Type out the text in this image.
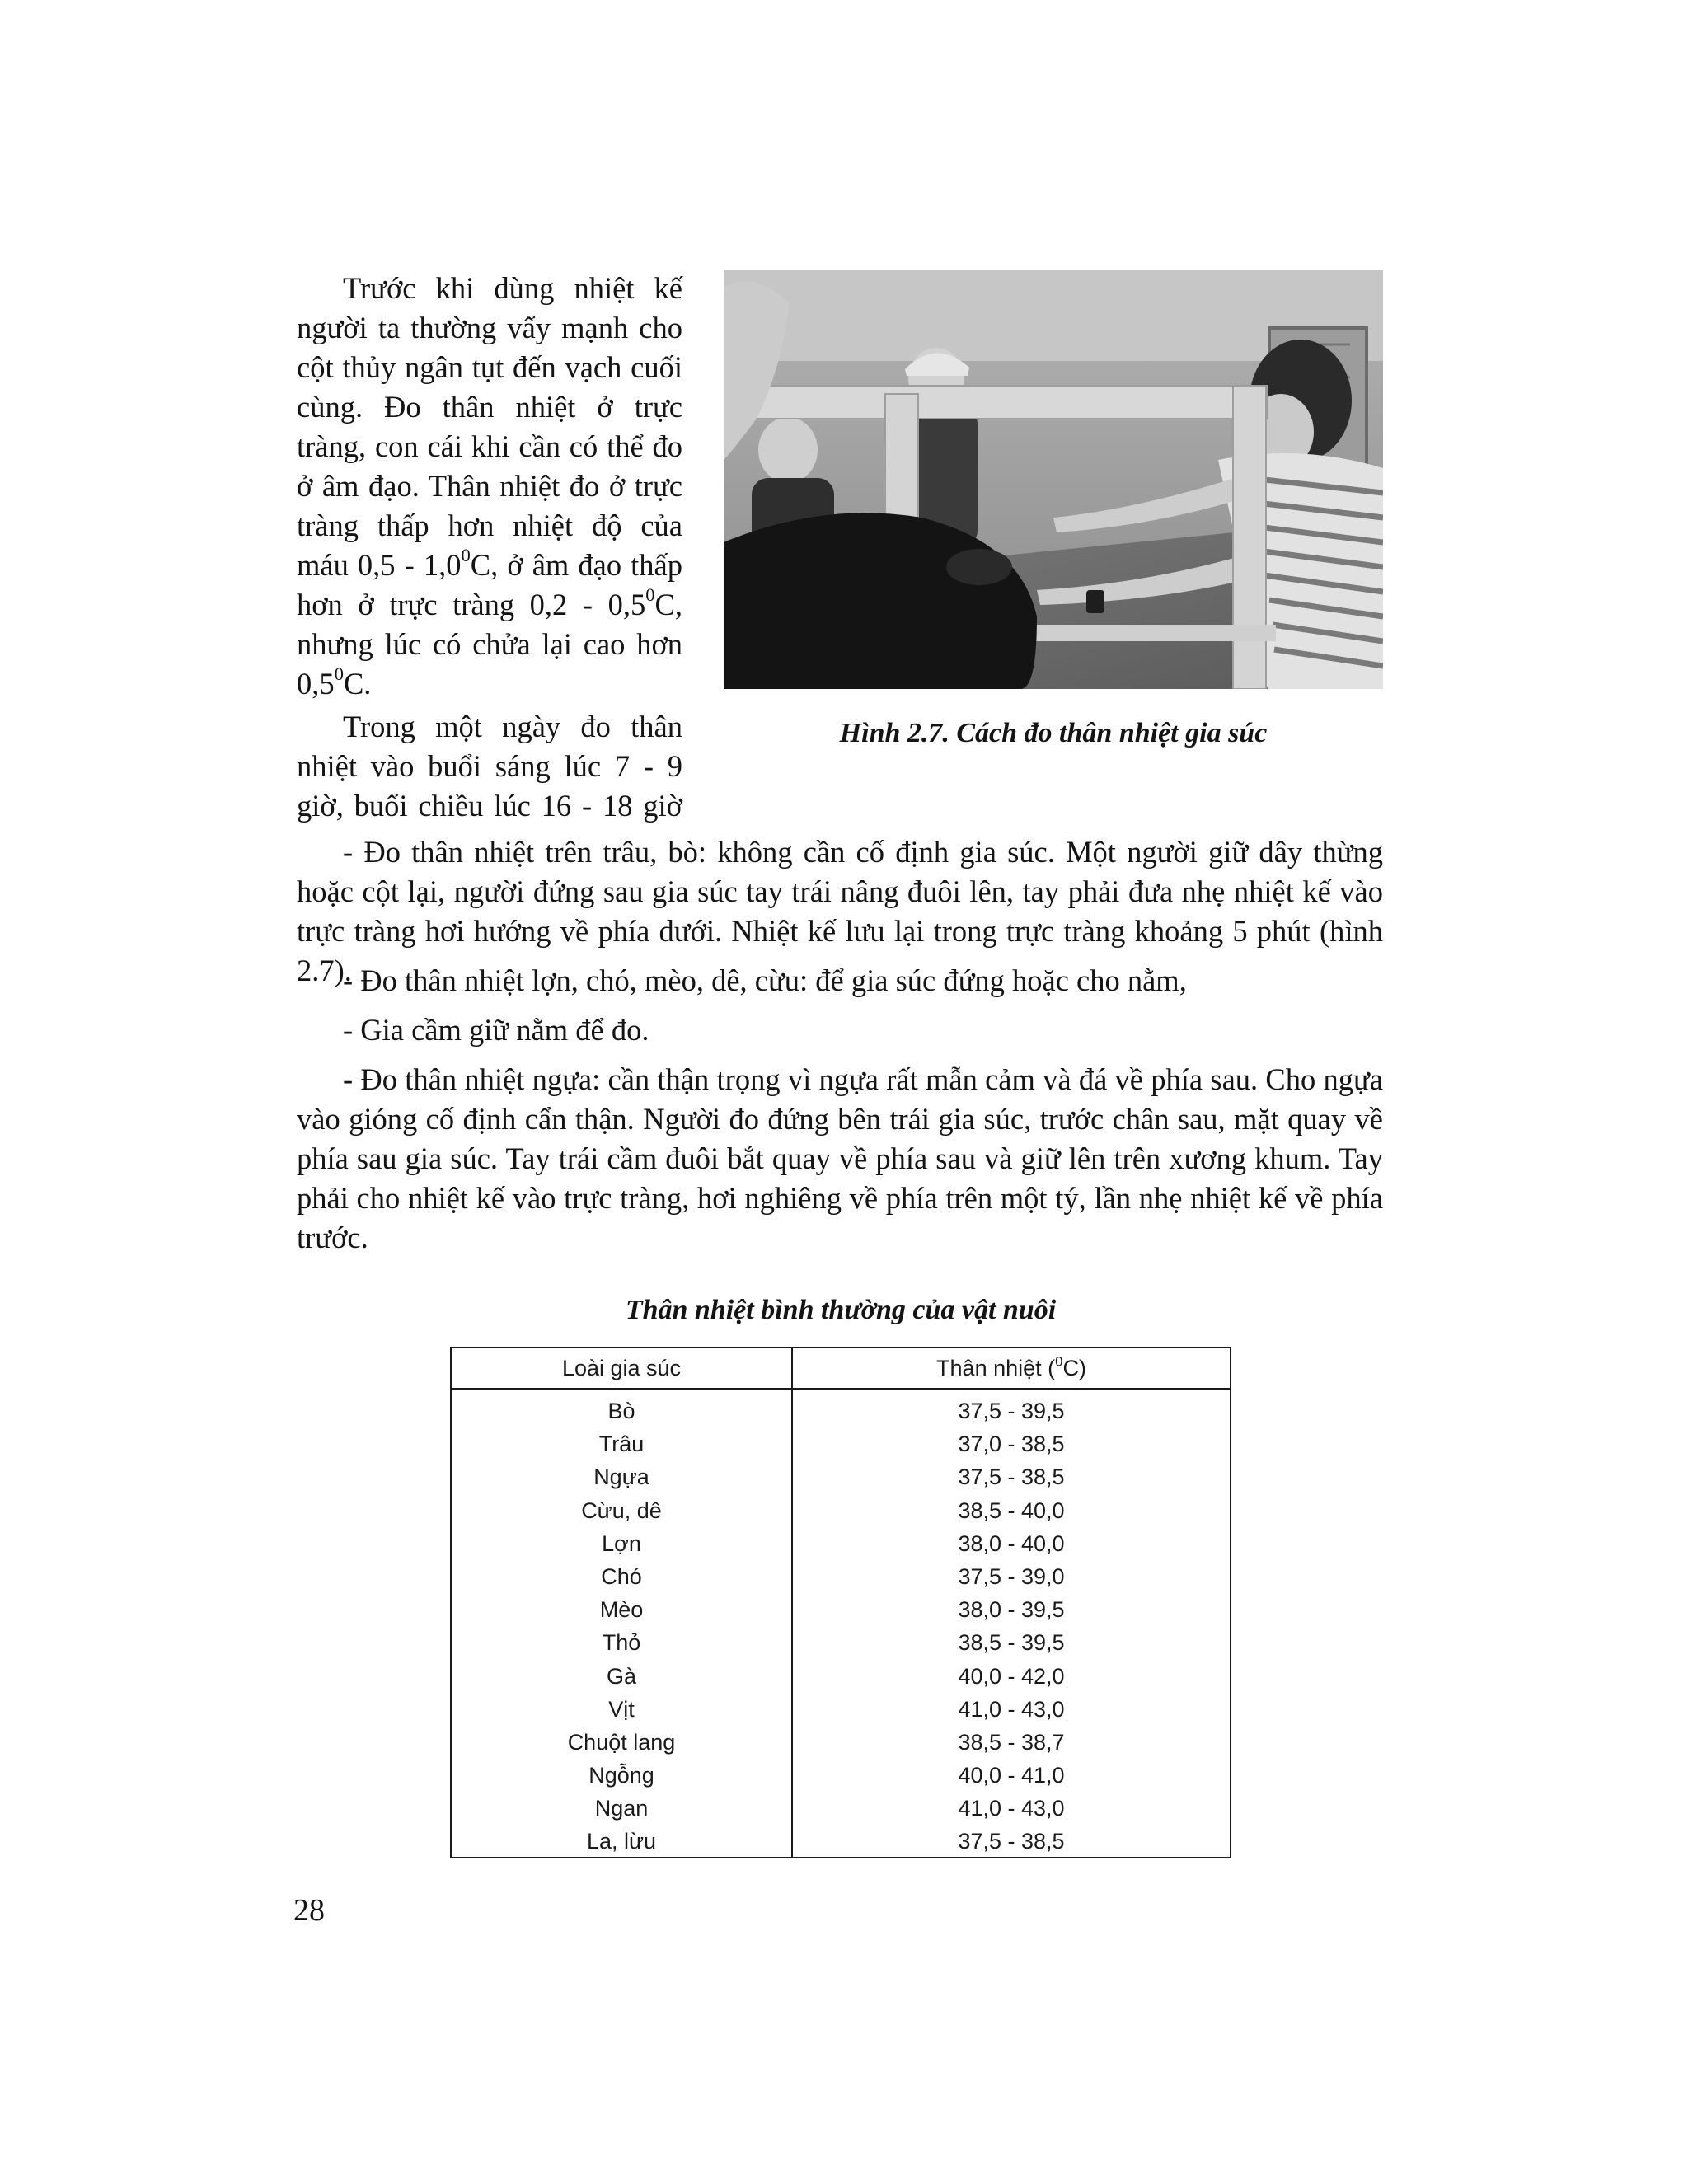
Trước khi dùng nhiệt kế
người ta thường vẩy mạnh cho
cột thủy ngân tụt đến vạch cuối
cùng. Đo thân nhiệt ở trực
tràng, con cái khi cần có thể đo
ở âm đạo. Thân nhiệt đo ở trực
tràng thấp hơn nhiệt độ của
máu $0,5 - 1,0^0C$, ở âm đạo thấp
hơn ở trực tràng $0,2 - 0,5^0C$,
nhưng lúc có chửa lại cao hơn
$0,5^0C$.
Trong một ngày đo thân
nhiệt vào buổi sáng lúc 7 - 9
giờ, buổi chiều lúc 16 - 18 giờ
Hình 2.7. Cách đo thân nhiệt gia súc
- Đo thân nhiệt trên trâu, bò: không cần cố định gia súc. Một người giữ dây thừng hoặc cột lại, người đứng sau gia súc tay trái nâng đuôi lên, tay phải đưa nhẹ nhiệt kế vào trực tràng hơi hướng về phía dưới. Nhiệt kế lưu lại trong trực tràng khoảng 5 phút (hình 2.7).
- Đo thân nhiệt lợn, chó, mèo, dê, cừu: để gia súc đứng hoặc cho nằm,
- Gia cầm giữ nằm để đo.
- Đo thân nhiệt ngựa: cần thận trọng vì ngựa rất mẫn cảm và đá về phía sau. Cho ngựa vào gióng cố định cẩn thận. Người đo đứng bên trái gia súc, trước chân sau, mặt quay về phía sau gia súc. Tay trái cầm đuôi bắt quay về phía sau và giữ lên trên xương khum. Tay phải cho nhiệt kế vào trực tràng, hơi nghiêng về phía trên một tý, lần nhẹ nhiệt kế về phía trước.
Thân nhiệt bình thường của vật nuôi
Loài gia súc	Thân nhiệt ($^0$C)
Bò	37,5 - 39,5
Trâu	37,0 - 38,5
Ngựa	37,5 - 38,5
Cừu, dê	38,5 - 40,0
Lợn	38,0 - 40,0
Chó	37,5 - 39,0
Mèo	38,0 - 39,5
Thỏ	38,5 - 39,5
Gà	40,0 - 42,0
Vịt	41,0 - 43,0
Chuột lang	38,5 - 38,7
Ngỗng	40,0 - 41,0
Ngan	41,0 - 43,0
La, lừu	37,5 - 38,5
28
